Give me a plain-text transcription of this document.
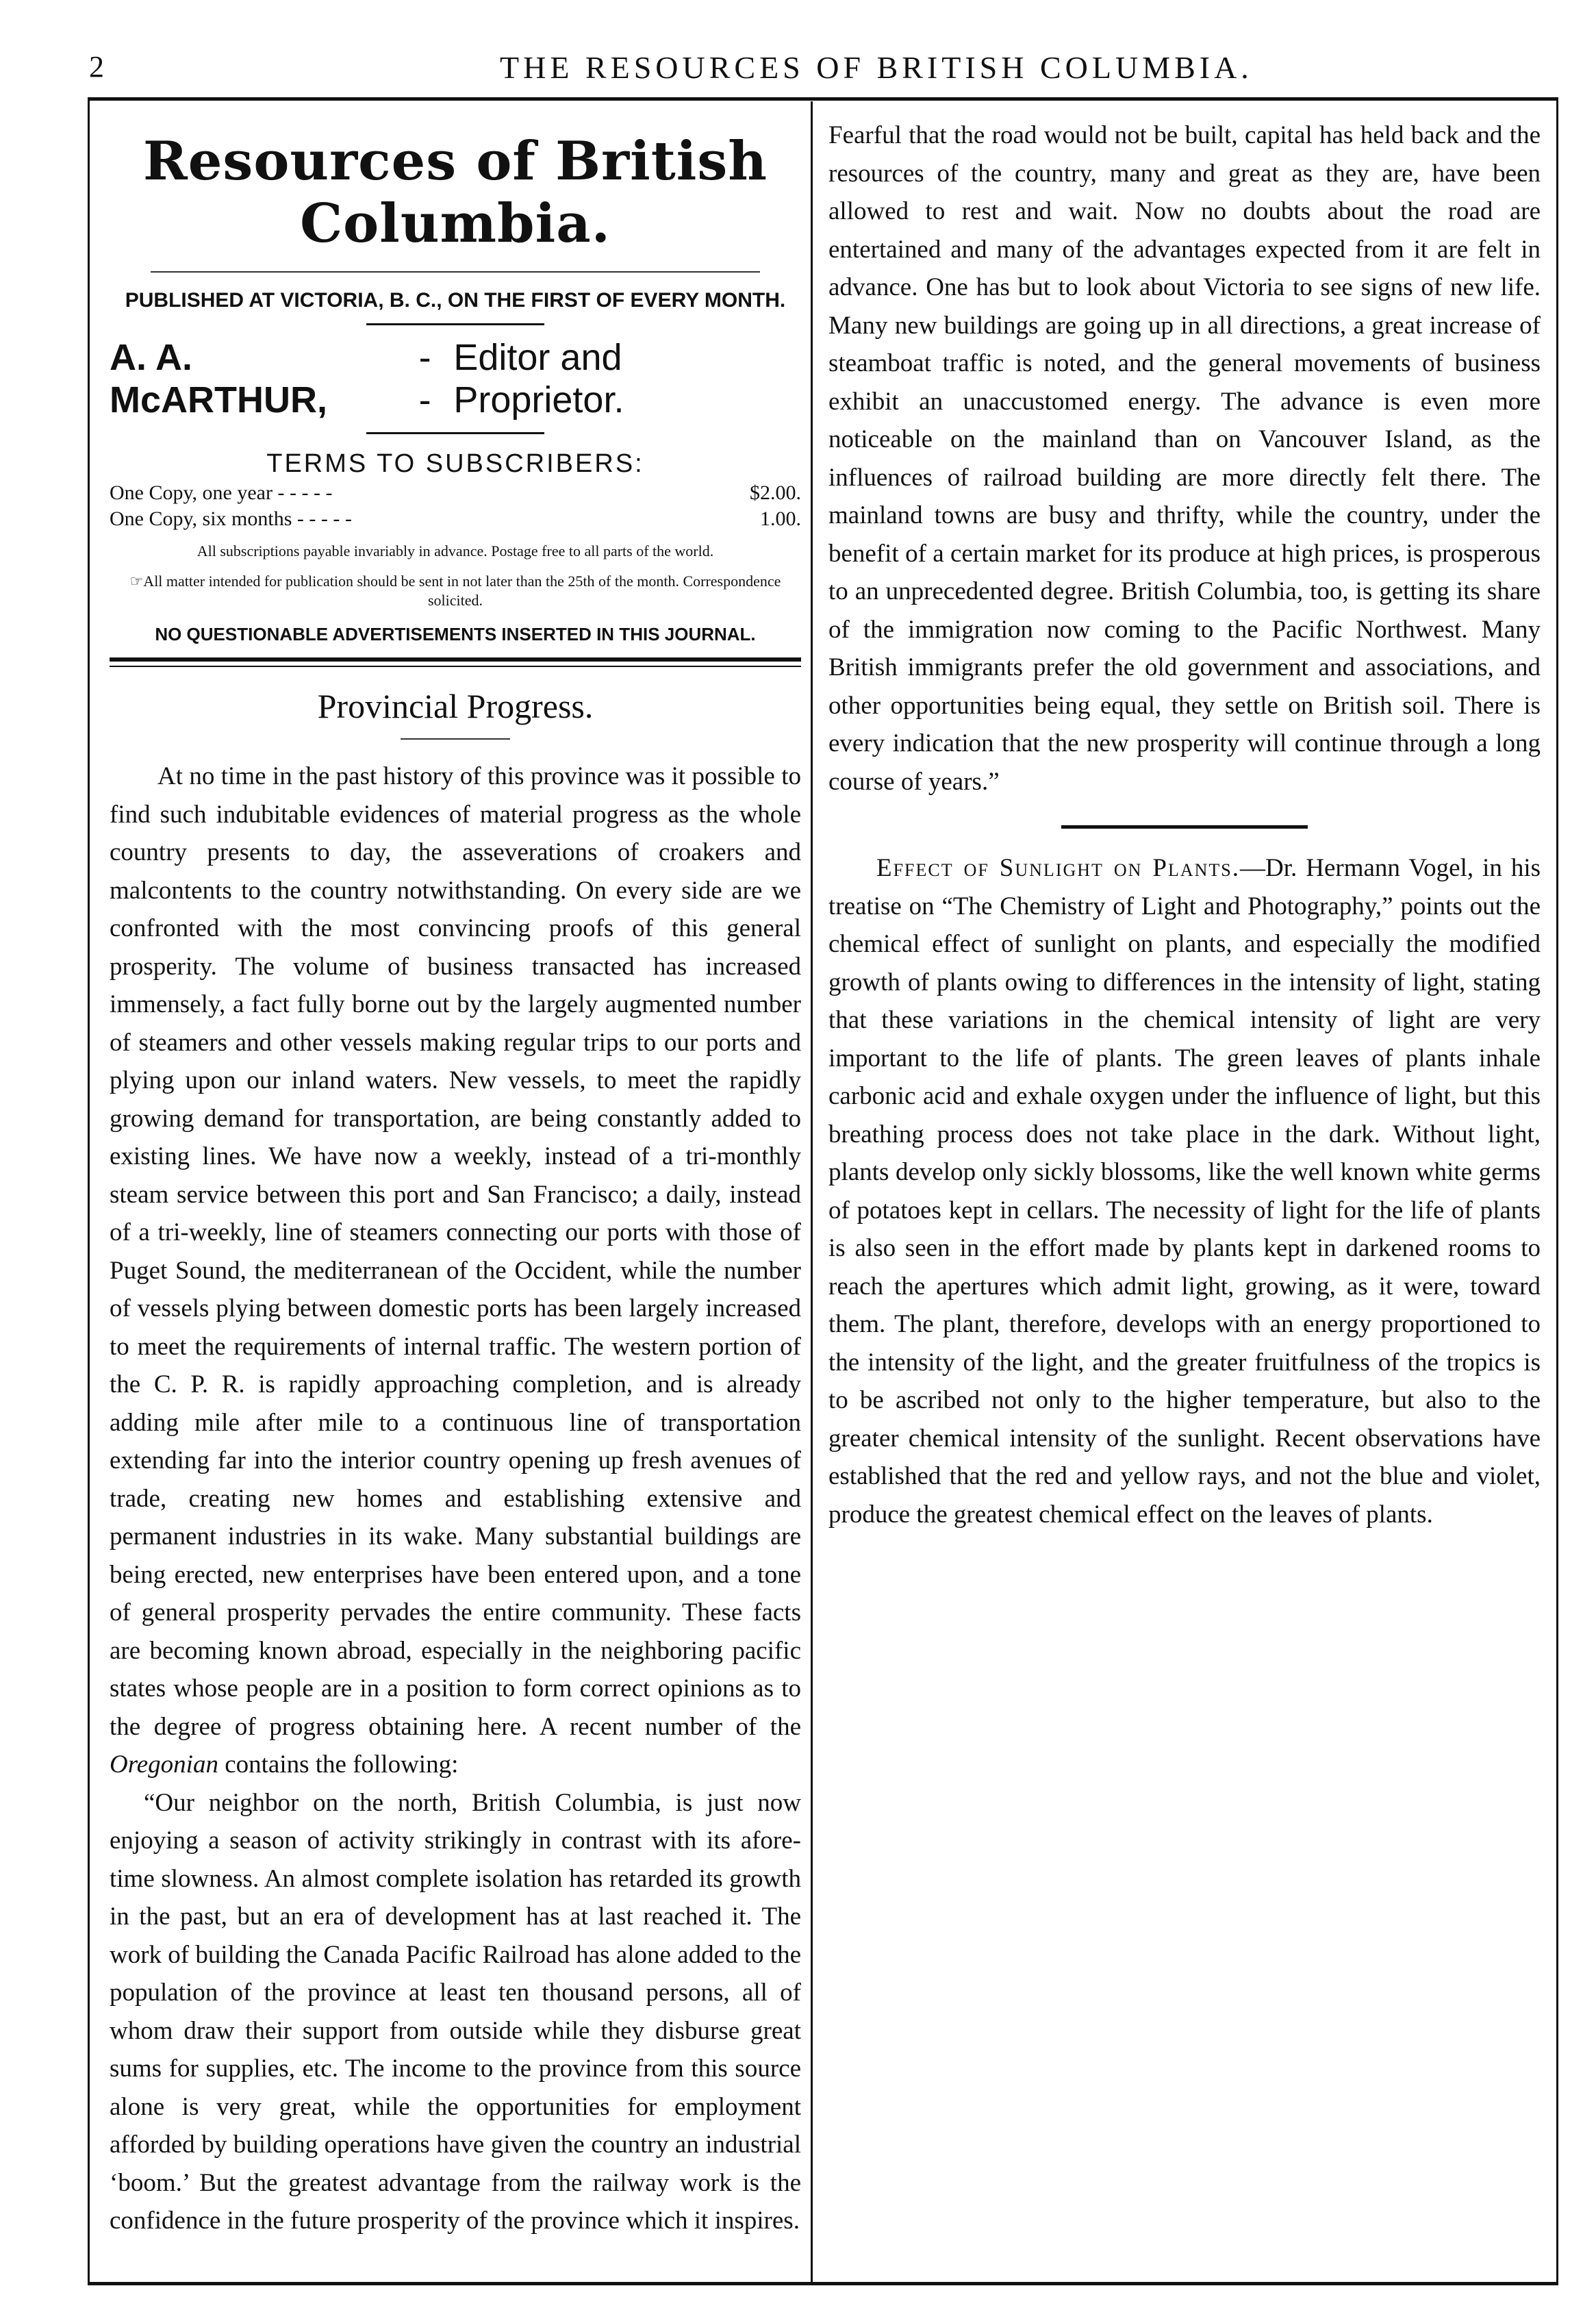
2	THE RESOURCES OF BRITISH COLUMBIA.
Resources of British Columbia.
PUBLISHED AT VICTORIA, B. C., ON THE FIRST OF EVERY MONTH.
A. A. McARTHUR,
- -
Editor and Proprietor.
TERMS TO SUBSCRIBERS:
One Copy, one year - - - - -	$2.00.
One Copy, six months - - - - -	1.00.
All subscriptions payable invariably in advance. Postage free to all parts of the world.
☞All matter intended for publication should be sent in not later than the 25th of the month. Correspondence solicited.
NO QUESTIONABLE ADVERTISEMENTS INSERTED IN THIS JOURNAL.
Provincial Progress.

At no time in the past history of this province was it possible to find such indubitable evidences of material progress as the whole country presents to day, the asseverations of croakers and malcontents to the country notwithstanding. On every side are we confronted with the most convincing proofs of this general prosperity. The volume of business transacted has increased immensely, a fact fully borne out by the largely augmented number of steamers and other vessels making regular trips to our ports and plying upon our inland waters. New vessels, to meet the rapidly growing demand for transportation, are being constantly added to existing lines. We have now a weekly, instead of a tri-monthly steam service between this port and San Francisco; a daily, instead of a tri-weekly, line of steamers connecting our ports with those of Puget Sound, the mediterranean of the Occident, while the number of vessels plying between domestic ports has been largely increased to meet the requirements of internal traffic. The western portion of the C. P. R. is rapidly approaching completion, and is already adding mile after mile to a continuous line of transportation extending far into the interior country opening up fresh avenues of trade, creating new homes and establishing extensive and permanent industries in its wake. Many substantial buildings are being erected, new enterprises have been entered upon, and a tone of general prosperity pervades the entire community. These facts are becoming known abroad, especially in the neighboring pacific states whose people are in a position to form correct opinions as to the degree of progress obtaining here. A recent number of the Oregonian contains the following:

“Our neighbor on the north, British Columbia, is just now enjoying a season of activity strikingly in contrast with its afore-time slowness. An almost complete isolation has retarded its growth in the past, but an era of development has at last reached it. The work of building the Canada Pacific Railroad has alone added to the population of the province at least ten thousand persons, all of whom draw their support from outside while they disburse great sums for supplies, etc. The income to the province from this source alone is very great, while the opportunities for employment afforded by building operations have given the country an industrial ‘boom.’ But the greatest advantage from the railway work is the confidence in the future prosperity of the province which it inspires.

Fearful that the road would not be built, capital has held back and the resources of the country, many and great as they are, have been allowed to rest and wait. Now no doubts about the road are entertained and many of the advantages expected from it are felt in advance. One has but to look about Victoria to see signs of new life. Many new buildings are going up in all directions, a great increase of steamboat traffic is noted, and the general movements of business exhibit an unaccustomed energy. The advance is even more noticeable on the mainland than on Vancouver Island, as the influences of railroad building are more directly felt there. The mainland towns are busy and thrifty, while the country, under the benefit of a certain market for its produce at high prices, is prosperous to an unprecedented degree. British Columbia, too, is getting its share of the immigration now coming to the Pacific Northwest. Many British immigrants prefer the old government and associations, and other opportunities being equal, they settle on British soil. There is every indication that the new prosperity will continue through a long course of years.”

Effect of Sunlight on Plants.—Dr. Hermann Vogel, in his treatise on “The Chemistry of Light and Photography,” points out the chemical effect of sunlight on plants, and especially the modified growth of plants owing to differences in the intensity of light, stating that these variations in the chemical intensity of light are very important to the life of plants. The green leaves of plants inhale carbonic acid and exhale oxygen under the influence of light, but this breathing process does not take place in the dark. Without light, plants develop only sickly blossoms, like the well known white germs of potatoes kept in cellars. The necessity of light for the life of plants is also seen in the effort made by plants kept in darkened rooms to reach the apertures which admit light, growing, as it were, toward them. The plant, therefore, develops with an energy proportioned to the intensity of the light, and the greater fruitfulness of the tropics is to be ascribed not only to the higher temperature, but also to the greater chemical intensity of the sunlight. Recent observations have established that the red and yellow rays, and not the blue and violet, produce the greatest chemical effect on the leaves of plants.
